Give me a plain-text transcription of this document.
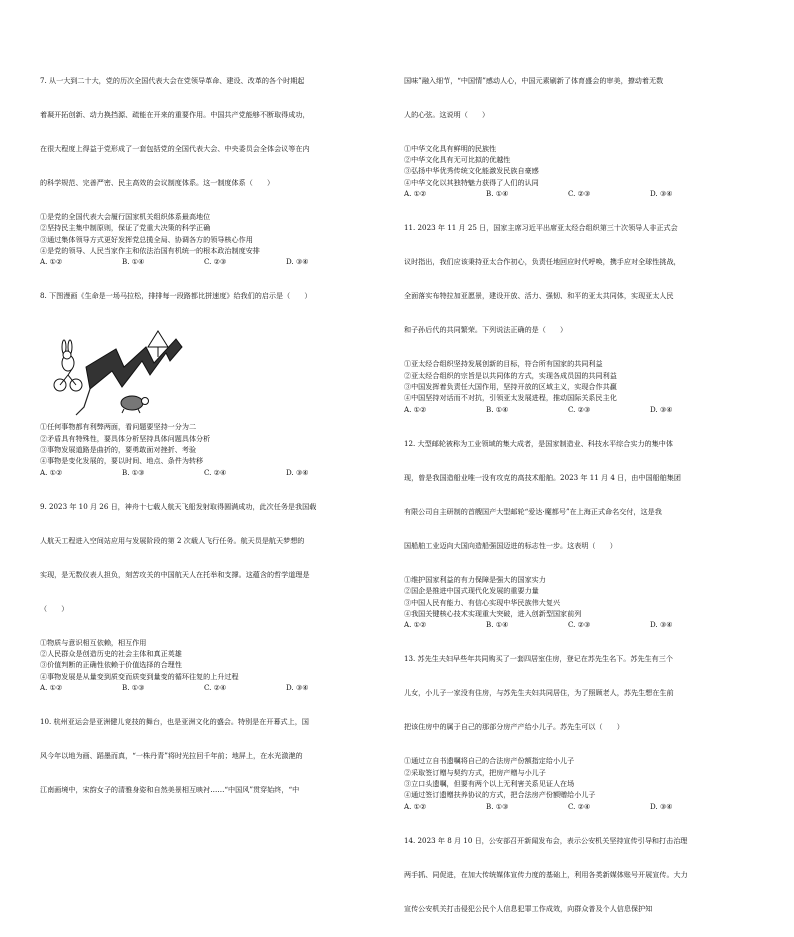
7. 从一大到二十大，党的历次全国代表大会在党领导革命、建设、改革的各个时期起

着凝开拓创新、动力换挡源、疏能在开来的重要作用。中国共产党能够不断取得成功，

在很大程度上得益于党形成了一套包括党的全国代表大会、中央委员会全体会议等在内

的科学规范、完善严密、民主高效的会议制度体系。这一制度体系（　　）

①是党的全国代表大会履行国家机关组织体系最高地位
②坚持民主集中制原则，保证了党重大决策的科学正确
③通过集体领导方式更好发挥党总揽全局、协调各方的领导核心作用
④是党的领导、人民当家作主和依法治国有机统一的根本政治制度安排
A. ①②	B. ①④	C. ②③	D. ③④

8. 下图漫画《生命是一场马拉松，排排每一段路都比拼速度》给我们的启示是（　　）

①任何事物都有利弊两面，看问题要坚持一分为二
②矛盾具有特殊性，要具体分析坚持具体问题具体分析
③事物发展道路是曲折的，要勇敢面对挫折、考验
④事物是变化发展的，要以时间、地点、条件为转移
A. ①②	B. ①③	C. ②④	D. ③④

9. 2023 年 10 月 26 日，神舟十七载人航天飞船发射取得圆满成功，此次任务是我国载

人航天工程进入空间站应用与发展阶段的第 2 次载人飞行任务。航天员是航天梦想的

实现，是无数仪表人担负，刻苦攻关的中国航天人在托举和支撑。这蕴含的哲学道理是

（　　）

①物质与意识相互依赖，相互作用
②人民群众是创造历史的社会主体和真正英雄
③价值判断的正确性依赖于价值选择的合理性
④事物发展是从量变到质变而质变到量变的循环往复的上升过程
A. ①②	B. ①③	C. ②④	D. ③④

10. 杭州亚运会是亚洲健儿竞技的舞台，也是亚洲文化的盛会。特别是在开幕式上，国

风今年以地为画、蹈墨而真，“一株丹青”将时光拉回千年前；地屏上，在水光潋滟的

江南画境中，宋韵女子的清雅身姿和自然美景相互映衬……“中国风”贯穿始终，“中

国味”融入细节，“中国情”感动人心，中国元素刷新了体育盛会的审美，撩动着无数

人的心弦。这说明（　　）

①中华文化具有鲜明的民族性
②中华文化具有无可比拟的优越性
③弘扬中华优秀传统文化能激发民族自豪感
④中华文化以其独特魅力获得了人们的认同
A. ①②	B. ①④	C. ②③	D. ③④

11. 2023 年 11 月 25 日，国家主席习近平出席亚太经合组织第三十次领导人非正式会

议时指出，我们应该秉持亚太合作初心，负责任地回应时代呼唤，携手应对全球性挑战，

全面落实布特拉加亚愿景，建设开放、活力、强韧、和平的亚太共同体，实现亚太人民

和子孙后代的共同繁荣。下列说法正确的是（　　）

①亚太经合组织坚持发展创新的目标，符合所有国家的共同利益
②亚太经合组织的宗旨是以共同体的方式，实现各成员国的共同利益
③中国发挥着负责任大国作用，坚持开放的区域主义，实现合作共赢
④中国坚持对话而不对抗，引领亚太发展进程，推动国际关系民主化
A. ①②	B. ①④	C. ②③	D. ③④

12. 大型邮轮被称为工业领域的集大成者，是国家制造业、科技水平综合实力的集中体

现，曾是我国造船业唯一没有攻克的高技术船舶。2023 年 11 月 4 日，由中国船舶集团

有限公司自主研制的首艘国产大型邮轮“爱达·魔都号”在上海正式命名交付，这是我

国船舶工业迈向大国向造船强国迈进的标志性一步。这表明（　　）

①维护国家利益的有力保障是强大的国家实力
②国企是推进中国式现代化发展的重要力量
③中国人民有能力、有信心实现中华民族伟大复兴
④我国关键核心技术实现重大突破，进入创新型国家前列
A. ①②	B. ①④	C. ②③	D. ③④

13. 苏先生夫妇早些年共同购买了一套四居室住房，登记在苏先生名下。苏先生有三个

儿女，小儿子一家没有住房，与苏先生夫妇共同居住，为了照顾老人，苏先生想在生前

把该住房中的属于自己的那部分房产产给小儿子。苏先生可以（　　）

①通过立自书遗嘱将自己的合法房产份额指定给小儿子
②采取签订赠与契约方式，把房产赠与小儿子
③立口头遗嘱，但要有两个以上无利害关系见证人在场
④通过签订遗赠扶养协议的方式，把合法房产份额赠给小儿子
A. ①②	B. ①③	C. ②④	D. ③④

14. 2023 年 8 月 10 日，公安部召开新闻发布会，表示公安机关坚持宣传引导和打击治理

两手抓、同促进，在加大传统媒体宣传力度的基础上，利用各类新媒体账号开展宣传。大力

宣传公安机关打击侵犯公民个人信息犯罪工作成效，向群众普及个人信息保护知
